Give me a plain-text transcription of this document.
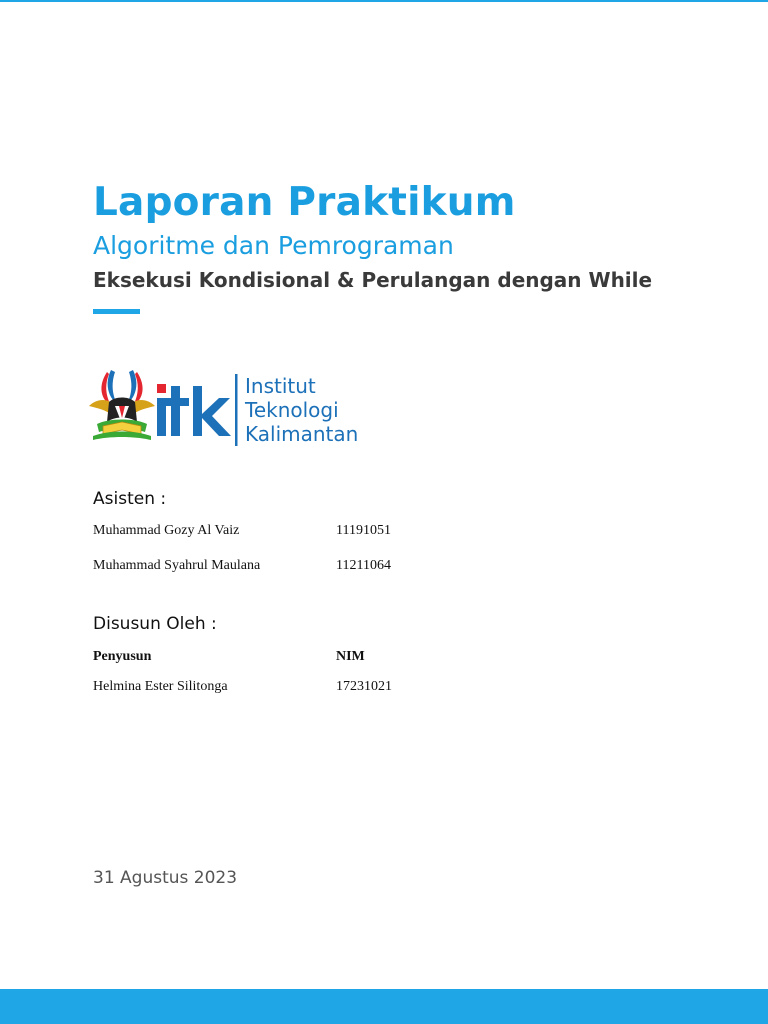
Laporan Praktikum
Algoritme dan Pemrograman
Eksekusi Kondisional & Perulangan dengan While
Institut
Teknologi
Kalimantan
Asisten :
Muhammad Gozy Al Vaiz	11191051
Muhammad Syahrul Maulana	11211064
Disusun Oleh :
Penyusun	NIM
Helmina Ester Silitonga	17231021
31 Agustus 2023
